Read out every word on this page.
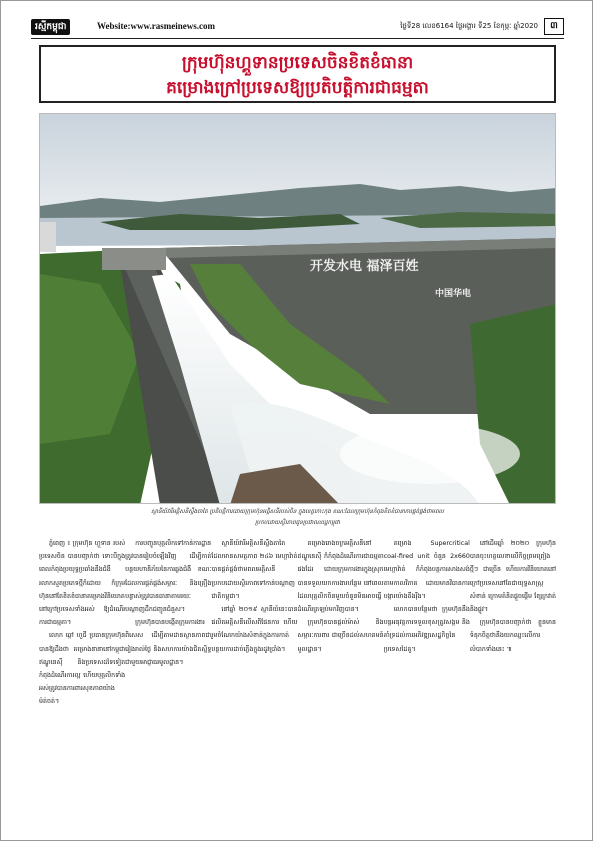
រស្មីកម្ពុជា	Website:www.rasmeinews.com	ថ្ងៃទី28 លេខ6164 ថ្ងៃអង្គារ ទី25 ខែកុម្ភៈ ឆ្នាំ2020	៣
ក្រុមហ៊ុនហ្គួទានប្រទេសចិនខិតខំធានា
គម្រោងក្រៅប្រទេសឱ្យប្រតិបត្តិការជាធម្មតា
开发水电 福泽百姓
中国华电
ស្ថានីយ៍វារីអគ្គិសនីស្ទឹងតាតៃ ប្រតិបត្តិការដោយក្រុមហ៊ុនអគ្គិសនីរបស់ចិន ក្នុងខេត្តកោះកុង ខណៈដែលក្រុមហ៊ុនកំពុងខិតខំធានាការផ្គត់ផ្គង់ថាមពល
ប្រកបដោយស្ថិរភាពជូនប្រជាពលរដ្ឋកម្ពុជា

ភ្នំពេញ ៖ ក្រុមហ៊ុន ហ្គួទាន របស់ប្រទេសចិន បានបញ្ជាក់ថា ទោះបីក្នុងពេលកំពុងប្រយុទ្ធប្រឆាំងនឹងជំងឺរលាកសួតប្រភេទថ្មីក៏ដោយ ក៏ក្រុមហ៊ុននៅតែខិតខំធានាគម្រោងវិនិយោគនៅក្រៅប្រទេសទាំងអស់ ឱ្យដំណើរការជាធម្មតា។

លោក ឆ្កៅ ហួជី ប្រធានក្រុមហ៊ុន បានឱ្យដឹងថា គម្រោងនានានៅកម្ពុជា ឥណ្ឌូនេស៊ី និងប្រទេសដទៃទៀត កំពុងដំណើរការល្អ ហើយបុគ្គលិកទាំងអស់ត្រូវបានការពារសុខភាពយ៉ាងម៉ត់ចត់។

ការបញ្ជូនបុគ្គលិកទៅកាន់ការដ្ឋាន ត្រូវបានរៀបចំឡើងវិញ ដើម្បីកាត់បន្ថយហានិភ័យនៃការឆ្លងជំងឺ ខណៈដែលការផ្គត់ផ្គង់សម្ភារៈ និងគ្រឿងបន្លាស់ត្រូវបានធានាតាមរយៈបណ្ដាញដឹកជញ្ជូនជំនួស។

ក្រុមហ៊ុនបានបង្កើតក្រុមការងារពិសេស ដើម្បីតាមដានស្ថានភាពជារៀងរាល់ថ្ងៃ និងសហការយ៉ាងជិតស្និទ្ធជាមួយអាជ្ញាធរមូលដ្ឋាន។

ស្ថានីយ៍វារីអគ្គិសនីស្ទឹងតាតៃ ដែលមានសមត្ថភាព ២៤៦ មេហ្គាវ៉ាត់ បានផ្គត់ផ្គង់ថាមពលអគ្គិសនីប្រកបដោយស្ថិរភាពទៅកាន់បណ្ដាញជាតិកម្ពុជា។

នៅឆ្នាំ ២០១៩ ស្ថានីយ៍នេះបានផលិតអគ្គិសនីលើសពីផែនការ ហើយរួមចំណែកយ៉ាងសំខាន់ក្នុងការកាត់បន្ថយការដាច់ភ្លើងក្នុងរដូវប្រាំង។

គម្រោងរោងចក្រអគ្គិសនីនៅឥណ្ឌូនេស៊ី ក៏កំពុងដំណើរការជាធម្មតាផងដែរ ដោយក្រុមការងារក្នុងស្រុកបានទទួលយកការងារបន្ថែម នៅពេលដែលបុគ្គលិកចិនមួយចំនួនមិនអាចធ្វើដំណើរត្រឡប់មកវិញបាន។

ក្រុមហ៊ុនបានផ្ដល់ម៉ាស់ និងសម្ភារៈការពារ ជាច្រើនដល់សហគមន៍មូលដ្ឋាន។

គម្រោង Supercritical coal-fired unit ចំនួន 2x660 មេហ្គាវ៉ាត់ ក៏កំពុងបន្តការសាងសង់តាមកាលវិភាគ ដោយមានវិធានការបង្ការយ៉ាងតឹងរ៉ឹង។

លោកបានបន្ថែមថា ក្រុមហ៊ុននឹងបន្តអនុវត្តការទទួលខុសត្រូវសង្គម និងគាំទ្រដល់ការអភិវឌ្ឍសេដ្ឋកិច្ចនៃប្រទេសដៃគូ។

នៅដើមឆ្នាំ ២០២០ ក្រុមហ៊ុនបានចុះហត្ថលេខាលើកិច្ចព្រមព្រៀងថ្មីៗ ជាច្រើន ហើយការវិនិយោគនៅក្រៅប្រទេសនៅតែជាយុទ្ធសាស្ត្រសំខាន់ ក្រោមគំនិតផ្ដួចផ្ដើម ខ្សែក្រវាត់ និងផ្លូវ។

ក្រុមហ៊ុនបានបញ្ជាក់ថា ខ្លួនមានទំនុកចិត្តថានឹងយកឈ្នះលើការលំបាកទាំងនេះ ៕
